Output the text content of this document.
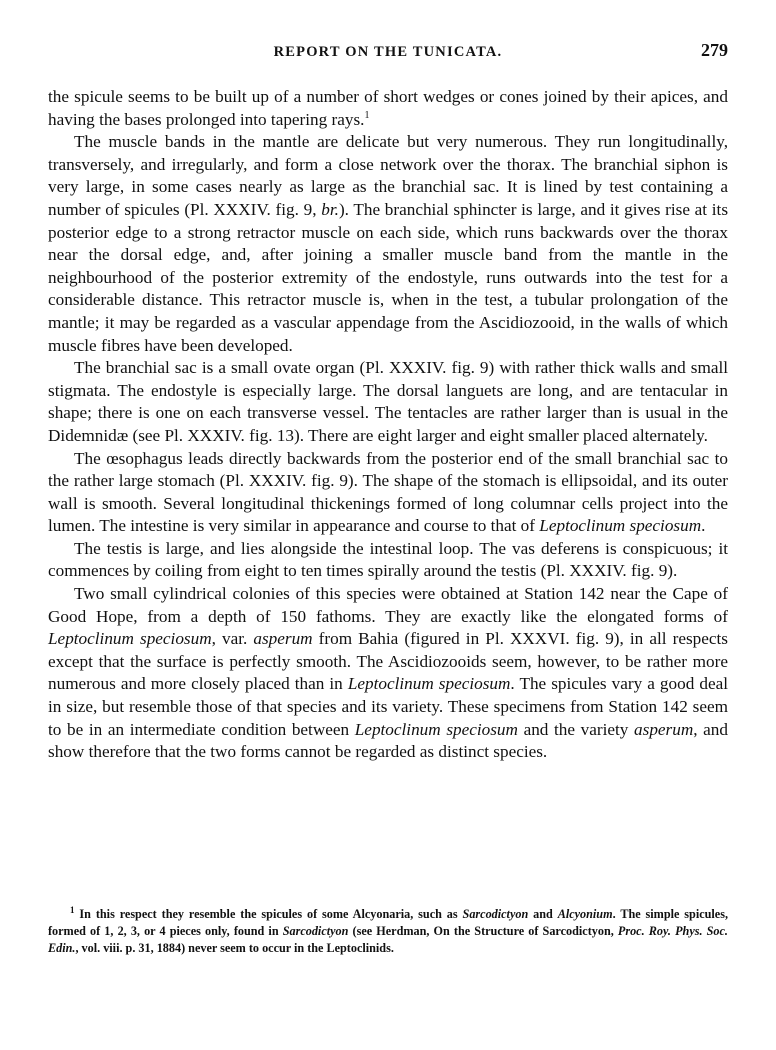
REPORT ON THE TUNICATA.	279

the spicule seems to be built up of a number of short wedges or cones joined by their apices, and having the bases prolonged into tapering rays.$^1$

The muscle bands in the mantle are delicate but very numerous. They run longitudinally, transversely, and irregularly, and form a close network over the thorax. The branchial siphon is very large, in some cases nearly as large as the branchial sac. It is lined by test containing a number of spicules (Pl. XXXIV. fig. 9, br.). The branchial sphincter is large, and it gives rise at its posterior edge to a strong retractor muscle on each side, which runs backwards over the thorax near the dorsal edge, and, after joining a smaller muscle band from the mantle in the neighbourhood of the posterior extremity of the endostyle, runs outwards into the test for a considerable distance. This retractor muscle is, when in the test, a tubular prolongation of the mantle; it may be regarded as a vascular appendage from the Ascidiozooid, in the walls of which muscle fibres have been developed.

The branchial sac is a small ovate organ (Pl. XXXIV. fig. 9) with rather thick walls and small stigmata. The endostyle is especially large. The dorsal languets are long, and are tentacular in shape; there is one on each transverse vessel. The tentacles are rather larger than is usual in the Didemnidæ (see Pl. XXXIV. fig. 13). There are eight larger and eight smaller placed alternately.

The œsophagus leads directly backwards from the posterior end of the small branchial sac to the rather large stomach (Pl. XXXIV. fig. 9). The shape of the stomach is ellipsoidal, and its outer wall is smooth. Several longitudinal thickenings formed of long columnar cells project into the lumen. The intestine is very similar in appearance and course to that of Leptoclinum speciosum.

The testis is large, and lies alongside the intestinal loop. The vas deferens is conspicuous; it commences by coiling from eight to ten times spirally around the testis (Pl. XXXIV. fig. 9).

Two small cylindrical colonies of this species were obtained at Station 142 near the Cape of Good Hope, from a depth of 150 fathoms. They are exactly like the elongated forms of Leptoclinum speciosum, var. asperum from Bahia (figured in Pl. XXXVI. fig. 9), in all respects except that the surface is perfectly smooth. The Ascidiozooids seem, however, to be rather more numerous and more closely placed than in Leptoclinum speciosum. The spicules vary a good deal in size, but resemble those of that species and its variety. These specimens from Station 142 seem to be in an intermediate condition between Leptoclinum speciosum and the variety asperum, and show therefore that the two forms cannot be regarded as distinct species.

$^1$ In this respect they resemble the spicules of some Alcyonaria, such as Sarcodictyon and Alcyonium. The simple spicules, formed of 1, 2, 3, or 4 pieces only, found in Sarcodictyon (see Herdman, On the Structure of Sarcodictyon, Proc. Roy. Phys. Soc. Edin., vol. viii. p. 31, 1884) never seem to occur in the Leptoclinids.
